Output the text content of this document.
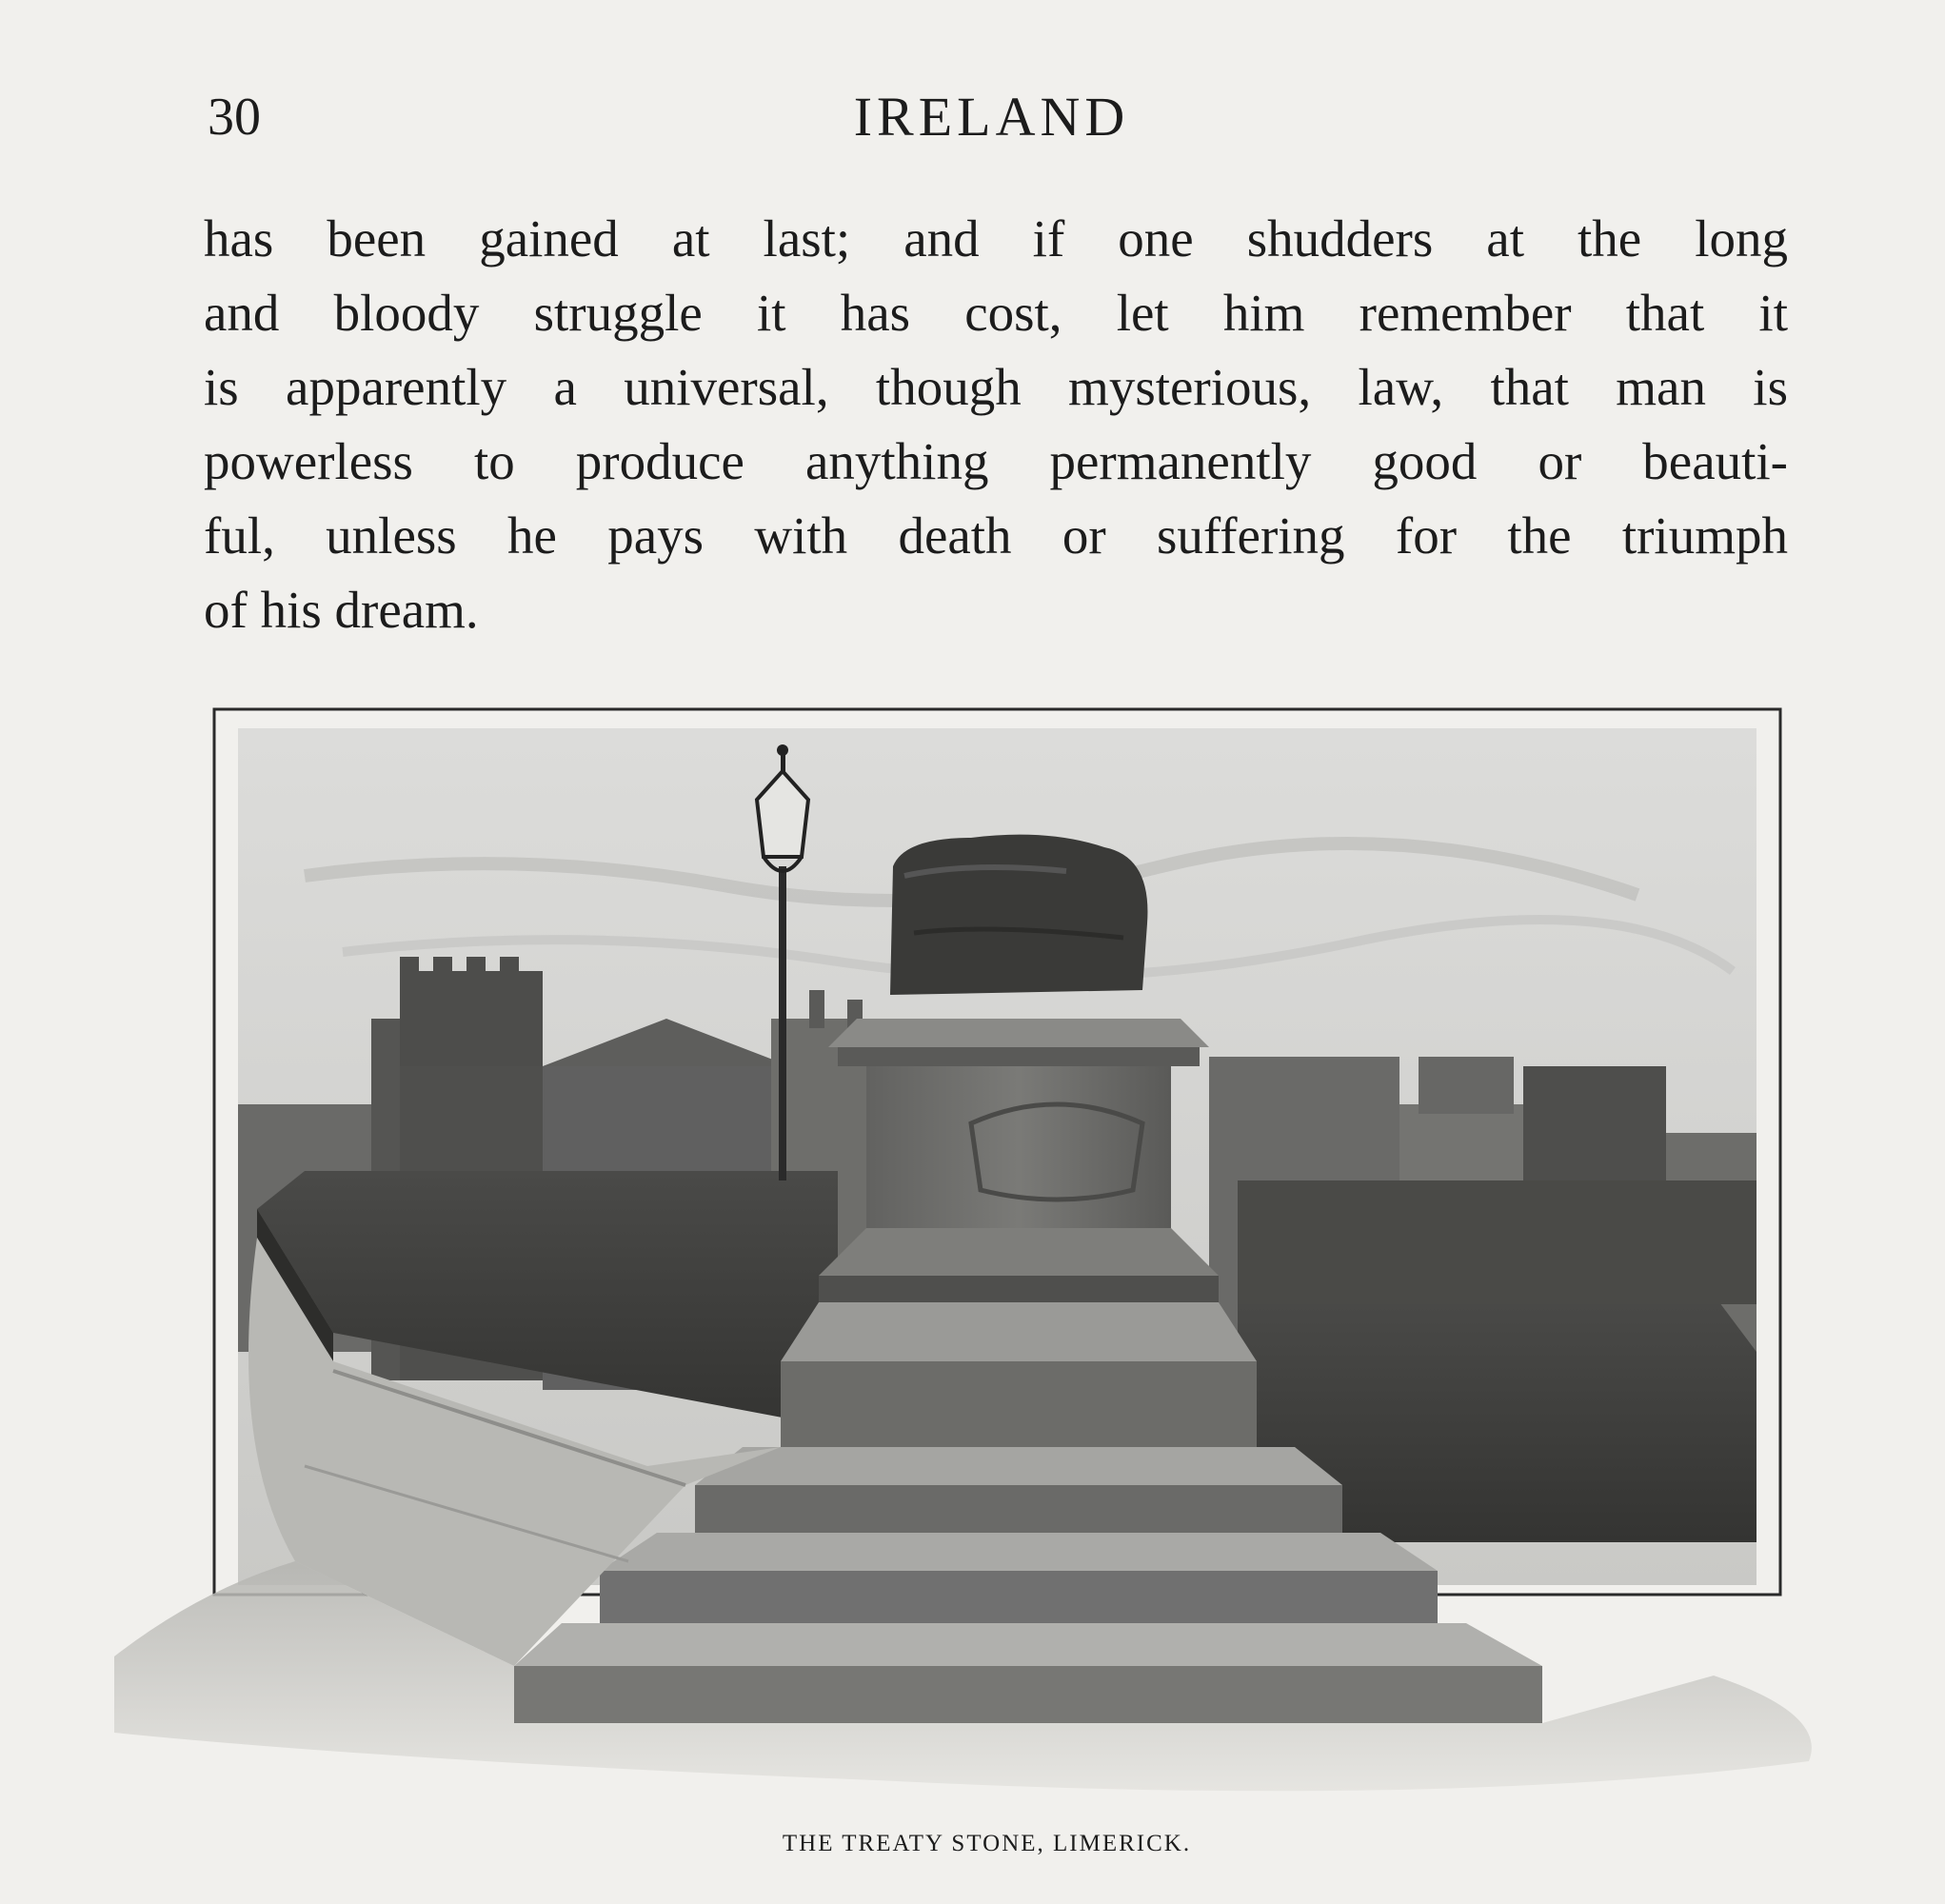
30	IRELAND

has been gained at last; and if one shudders at the long
and bloody struggle it has cost, let him remember that it
is apparently a universal, though mysterious, law, that man is
powerless to produce anything permanently good or beauti-
ful, unless he pays with death or suffering for the triumph
of his dream.

THE TREATY STONE, LIMERICK.
